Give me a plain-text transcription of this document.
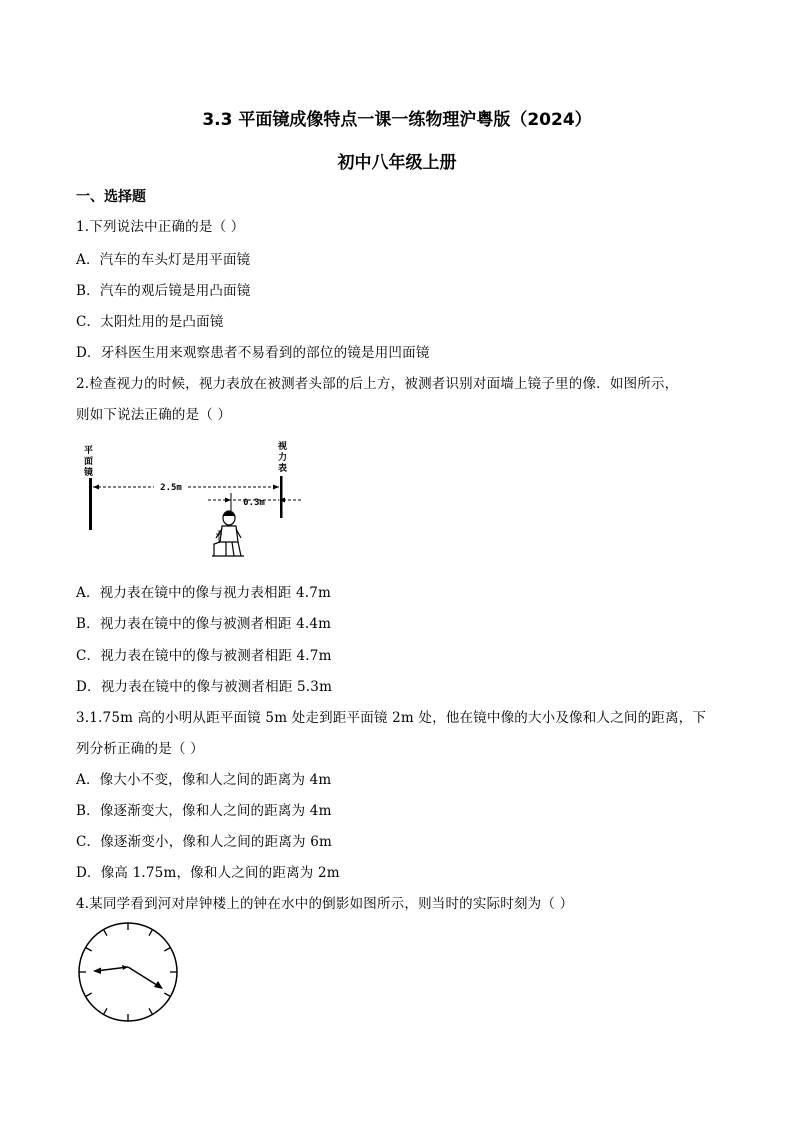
3.3 平面镜成像特点一课一练物理沪粤版（2024）
初中八年级上册
一、选择题
1.下列说法中正确的是（ ）
A．汽车的车头灯是用平面镜
B．汽车的观后镜是用凸面镜
C．太阳灶用的是凸面镜
D．牙科医生用来观察患者不易看到的部位的镜是用凹面镜
2.检查视力的时候，视力表放在被测者头部的后上方，被测者识别对面墙上镜子里的像．如图所示，
则如下说法正确的是（ ）
平
面
镜
视
力
表
2.5m
0.3m
A．视力表在镜中的像与视力表相距 4.7m
B．视力表在镜中的像与被测者相距 4.4m
C．视力表在镜中的像与被测者相距 4.7m
D．视力表在镜中的像与被测者相距 5.3m
3.1.75m 高的小明从距平面镜 5m 处走到距平面镜 2m 处，他在镜中像的大小及像和人之间的距离，下
列分析正确的是（ ）
A．像大小不变，像和人之间的距离为 4m
B．像逐渐变大，像和人之间的距离为 4m
C．像逐渐变小，像和人之间的距离为 6m
D．像高 1.75m，像和人之间的距离为 2m
4.某同学看到河对岸钟楼上的钟在水中的倒影如图所示，则当时的实际时刻为（ ）
